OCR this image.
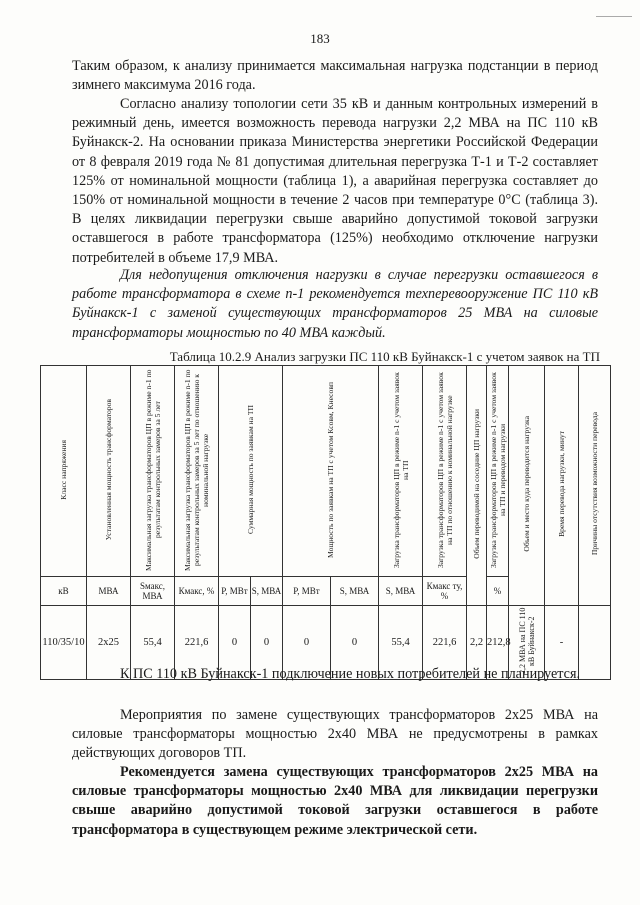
183

Таким образом, к анализу принимается максимальная нагрузка подстанции в период зимнего максимума 2016 года.

Согласно анализу топологии сети 35 кВ и данным контрольных измерений в режимный день, имеется возможность перевода нагрузки 2,2 МВА на ПС 110 кВ Буйнакск-2. На основании приказа Министерства энергетики Российской Федерации от 8 февраля 2019 года № 81 допустимая длительная перегрузка Т-1 и Т-2 составляет 125% от номинальной мощности (таблица 1), а аварийная перегрузка составляет до 150% от номинальной мощности в течение 2 часов при температуре 0°С (таблица 3). В целях ликвидации перегрузки свыше аварийно допустимой токовой загрузки оставшегося в работе трансформатора (125%) необходимо отключение нагрузки потребителей в объеме 17,9 МВА.

Для недопущения отключения нагрузки в случае перегрузки оставшегося в работе трансформатора в схеме n-1 рекомендуется техперевооружение ПС 110 кВ Буйнакск-1 с заменой существующих трансформаторов 25 МВА на силовые трансформаторы мощностью по 40 МВА каждый.

Таблица 10.2.9 Анализ загрузки ПС 110 кВ Буйнакск-1 с учетом заявок на ТП
Класс напряжения	Установленная мощность трансформаторов	Максимальная загрузка трансформаторов ЦП в режиме n-1 по результатам контрольных замеров за 5 лет	Максимальная загрузка трансформаторов ЦП в режиме n-1 по результатам контрольных замеров за 5 лет по отношению к номинальной нагрузке	Суммарная мощность по заявкам на ТП		Мощность по заявкам на ТП с учетом Ксовм, Кнесовп		Загрузка трансформаторов ЦП в режиме n-1 с учетом заявок на ТП	Загрузка трансформаторов ЦП в режиме n-1 с учетом заявок на ТП по отношению к номинальной нагрузке	Объем переводимой на соседние ЦП нагрузки	Загрузка трансформаторов ЦП в режиме n-1 с учетом заявок на ТП и переводом нагрузки	Объем и место куда переводится нагрузка	Время перевода нагрузки, минут	Причины отсутствия возможности перевода
кВ	МВА	Sмакс, МВА	Кмакс, %	P, МВт	S, МВА	P, МВт	S, МВА	S, МВА	Кмакс ту, %		%			
110/35/10	2х25	55,4	221,6	0	0	0	0	55,4	221,6	2,2	212,8	2,2 МВА на ПС 110 кВ Буйнакск-2	-	

К ПС 110 кВ Буйнакск-1 подключение новых потребителей не планируется.

Мероприятия по замене существующих трансформаторов 2х25 МВА на силовые трансформаторы мощностью 2х40 МВА не предусмотрены в рамках действующих договоров ТП.

Рекомендуется замена существующих трансформаторов 2х25 МВА на силовые трансформаторы мощностью 2х40 МВА для ликвидации перегрузки свыше аварийно допустимой токовой загрузки оставшегося в работе трансформатора в существующем режиме электрической сети.
